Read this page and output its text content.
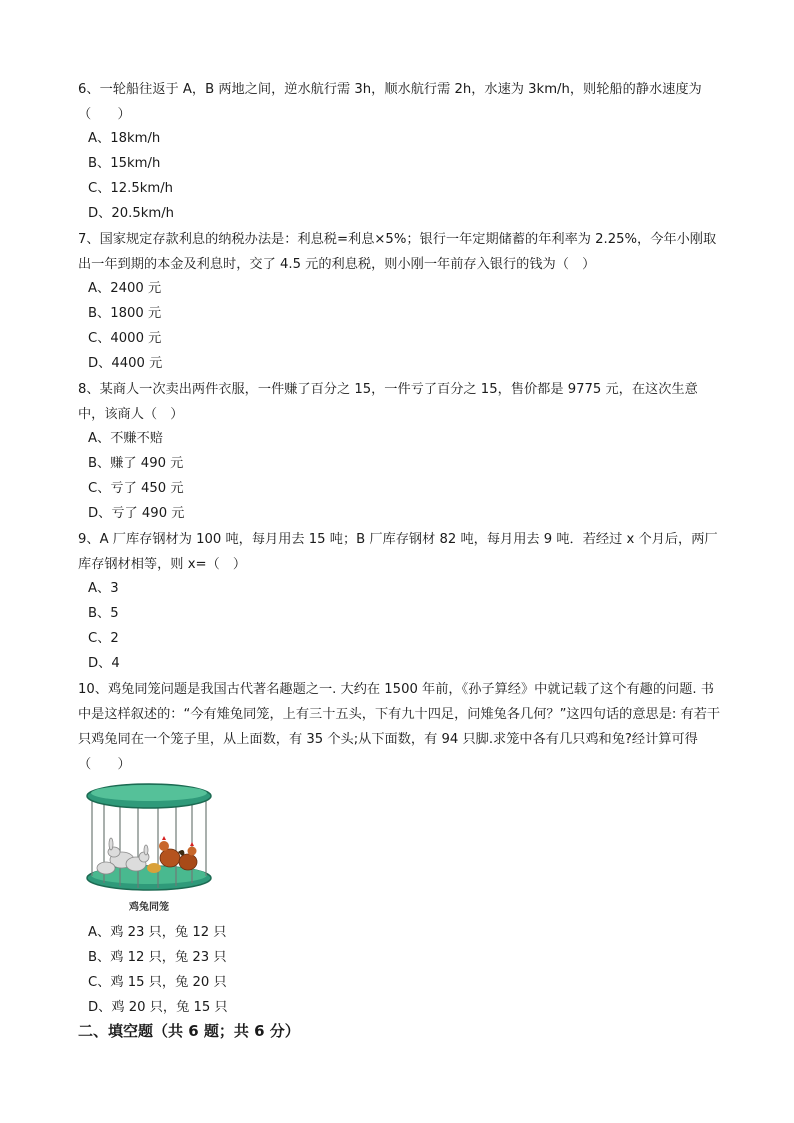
6、一轮船往返于 A，B 两地之间，逆水航行需 3h，顺水航行需 2h，水速为 3km/h，则轮船的静水速度为（　　）
A、18km/h
B、15km/h
C、12.5km/h
D、20.5km/h
7、国家规定存款利息的纳税办法是：利息税=利息×5%；银行一年定期储蓄的年利率为 2.25%，今年小刚取出一年到期的本金及利息时，交了 4.5 元的利息税，则小刚一年前存入银行的钱为（　）
A、2400 元
B、1800 元
C、4000 元
D、4400 元
8、某商人一次卖出两件衣服，一件赚了百分之 15，一件亏了百分之 15，售价都是 9775 元，在这次生意中，该商人（　）
A、不赚不赔
B、赚了 490 元
C、亏了 450 元
D、亏了 490 元
9、A 厂库存钢材为 100 吨，每月用去 15 吨；B 厂库存钢材 82 吨，每月用去 9 吨．若经过 x 个月后，两厂库存钢材相等，则 x=（　）
A、3
B、5
C、2
D、4
10、鸡兔同笼问题是我国古代著名趣题之一. 大约在 1500 年前，《孙子算经》中就记载了这个有趣的问题. 书中是这样叙述的：“今有雉兔同笼，上有三十五头，下有九十四足，问雉兔各几何？”这四句话的意思是: 有若干只鸡兔同在一个笼子里，从上面数，有 35 个头;从下面数，有 94 只脚.求笼中各有几只鸡和兔?经计算可得（　　）
鸡兔同笼
A、鸡 23 只，兔 12 只
B、鸡 12 只，兔 23 只
C、鸡 15 只，兔 20 只
D、鸡 20 只，兔 15 只
二、填空题（共 6 题；共 6 分）
